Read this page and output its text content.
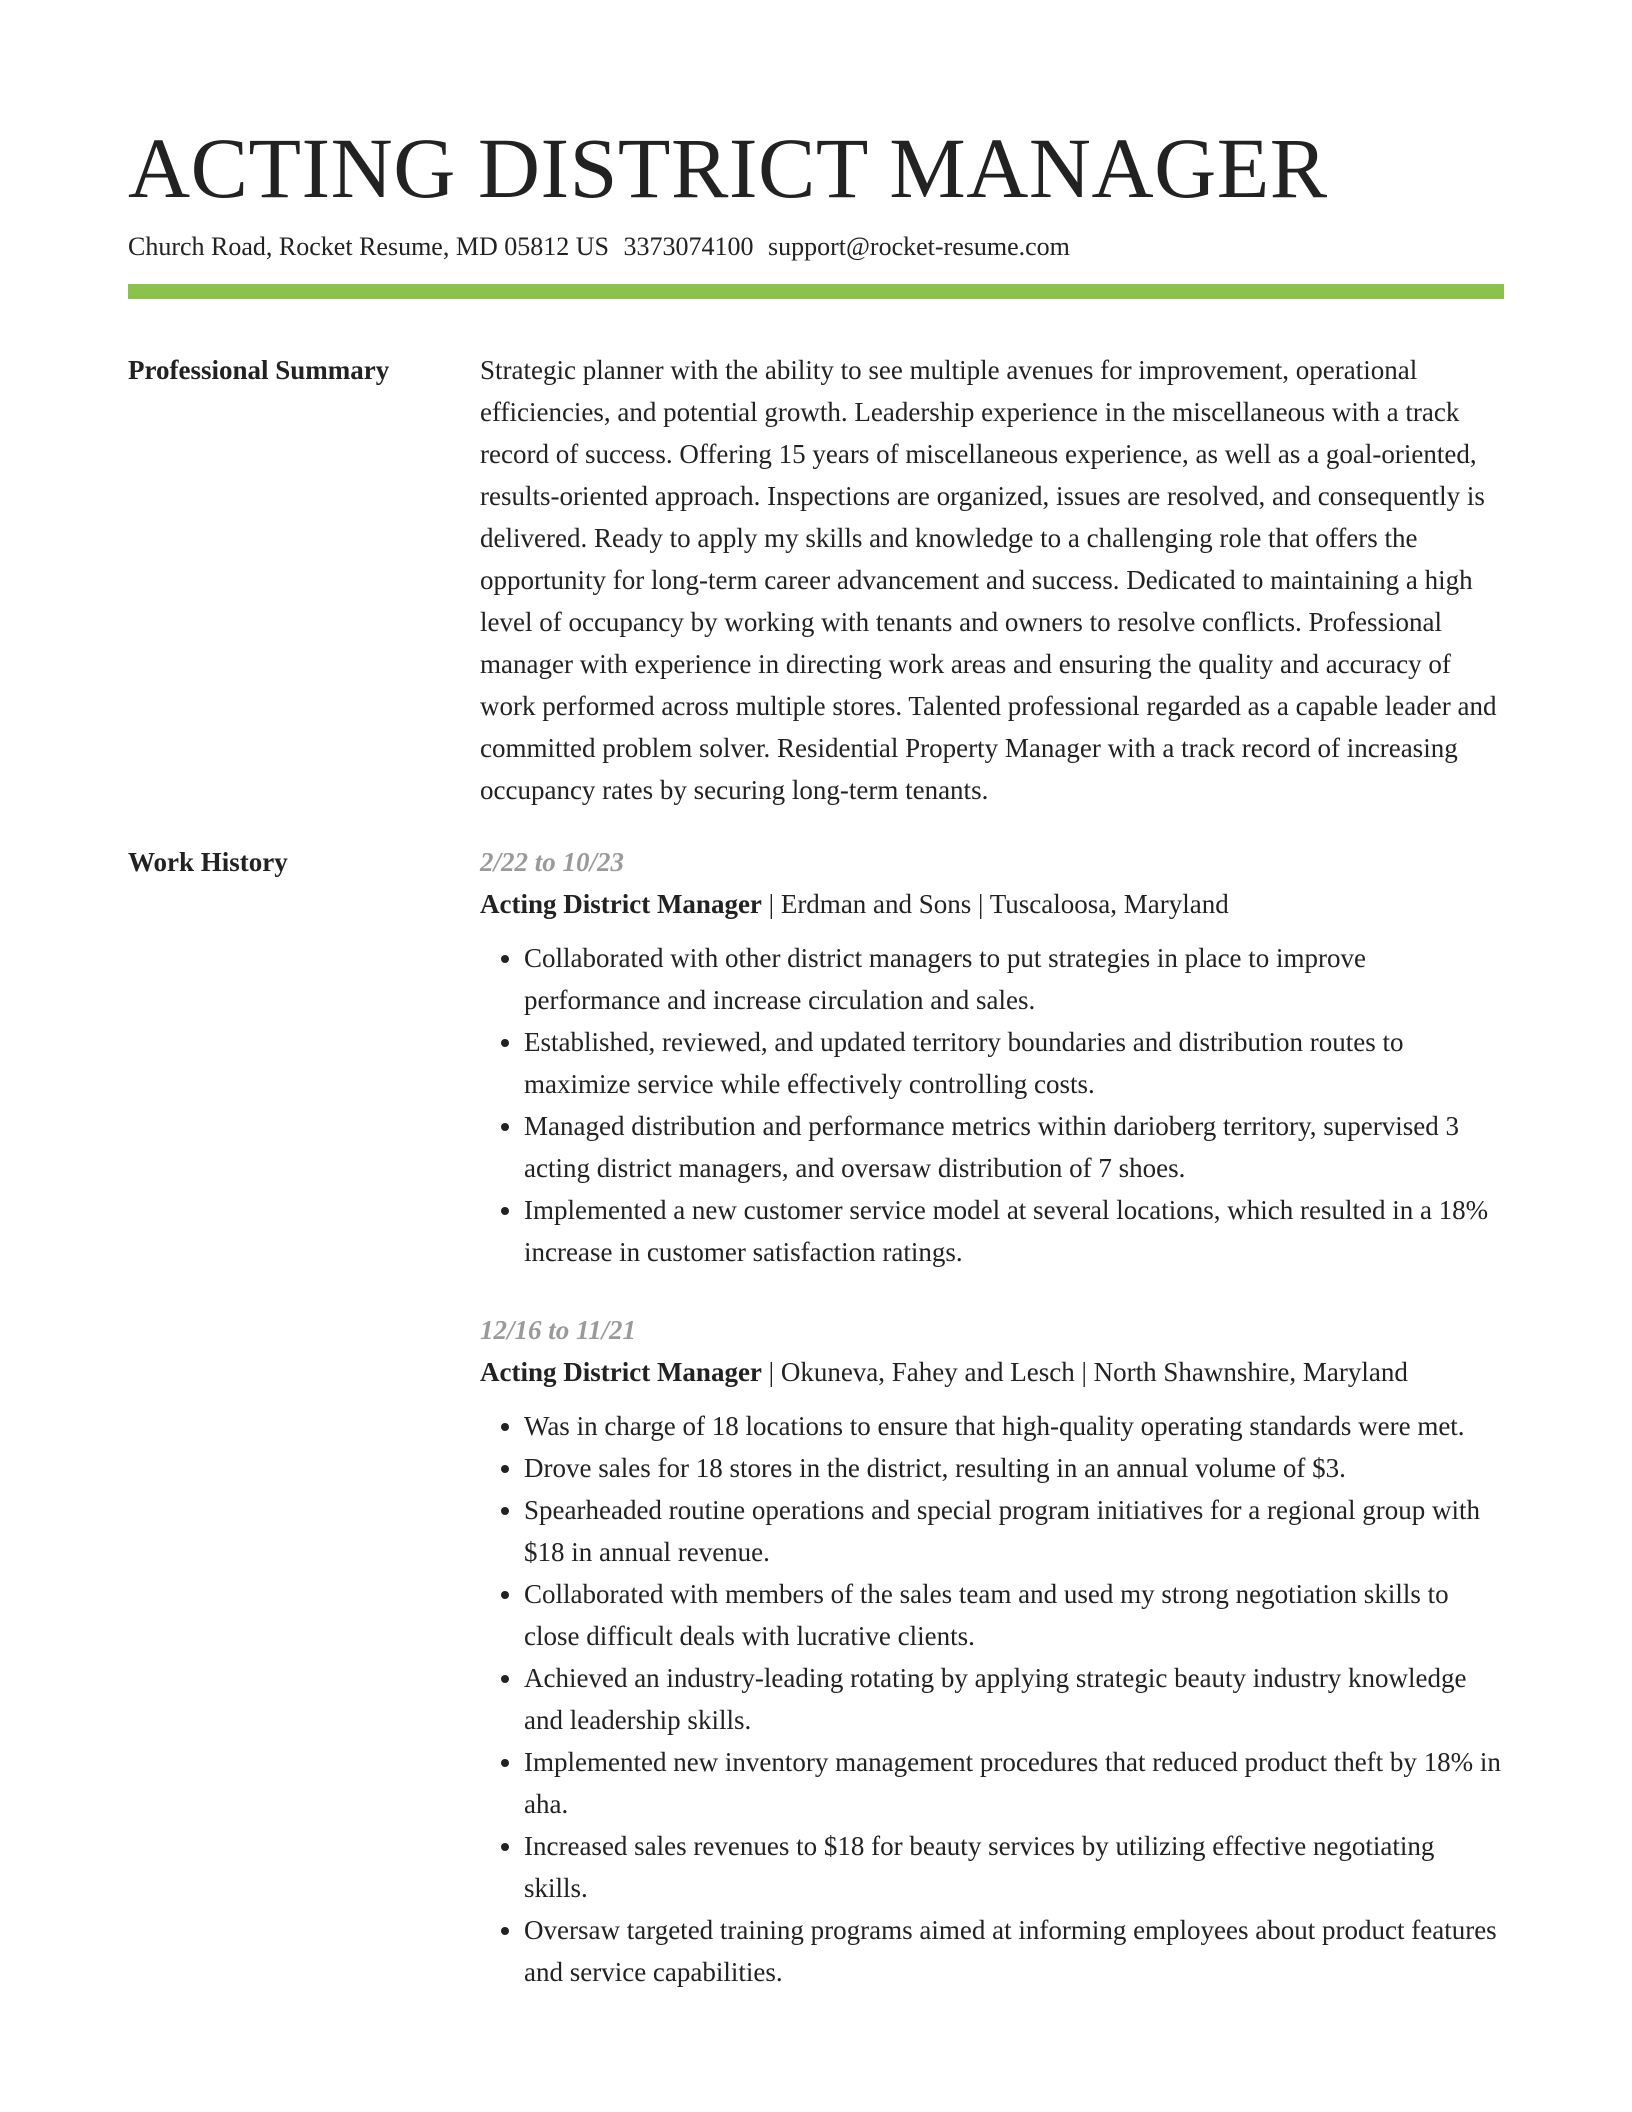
ACTING DISTRICT MANAGER
Church Road, Rocket Resume, MD 05812 US 3373074100 support@rocket-resume.com
Professional Summary	Strategic planner with the ability to see multiple avenues for improvement, operational efficiencies, and potential growth. Leadership experience in the miscellaneous with a track record of success. Offering 15 years of miscellaneous experience, as well as a goal-oriented, results-oriented approach. Inspections are organized, issues are resolved, and consequently is delivered. Ready to apply my skills and knowledge to a challenging role that offers the opportunity for long-term career advancement and success. Dedicated to maintaining a high level of occupancy by working with tenants and owners to resolve conflicts. Professional manager with experience in directing work areas and ensuring the quality and accuracy of work performed across multiple stores. Talented professional regarded as a capable leader and committed problem solver. Residential Property Manager with a track record of increasing occupancy rates by securing long-term tenants.

Work History	2/22 to 10/23
Acting District Manager | Erdman and Sons | Tuscaloosa, Maryland
• Collaborated with other district managers to put strategies in place to improve performance and increase circulation and sales.
• Established, reviewed, and updated territory boundaries and distribution routes to maximize service while effectively controlling costs.
• Managed distribution and performance metrics within darioberg territory, supervised 3 acting district managers, and oversaw distribution of 7 shoes.
• Implemented a new customer service model at several locations, which resulted in a 18% increase in customer satisfaction ratings.
12/16 to 11/21
Acting District Manager | Okuneva, Fahey and Lesch | North Shawnshire, Maryland
• Was in charge of 18 locations to ensure that high-quality operating standards were met.
• Drove sales for 18 stores in the district, resulting in an annual volume of $3.
• Spearheaded routine operations and special program initiatives for a regional group with $18 in annual revenue.
• Collaborated with members of the sales team and used my strong negotiation skills to close difficult deals with lucrative clients.
• Achieved an industry-leading rotating by applying strategic beauty industry knowledge and leadership skills.
• Implemented new inventory management procedures that reduced product theft by 18% in aha.
• Increased sales revenues to $18 for beauty services by utilizing effective negotiating skills.
• Oversaw targeted training programs aimed at informing employees about product features and service capabilities.
